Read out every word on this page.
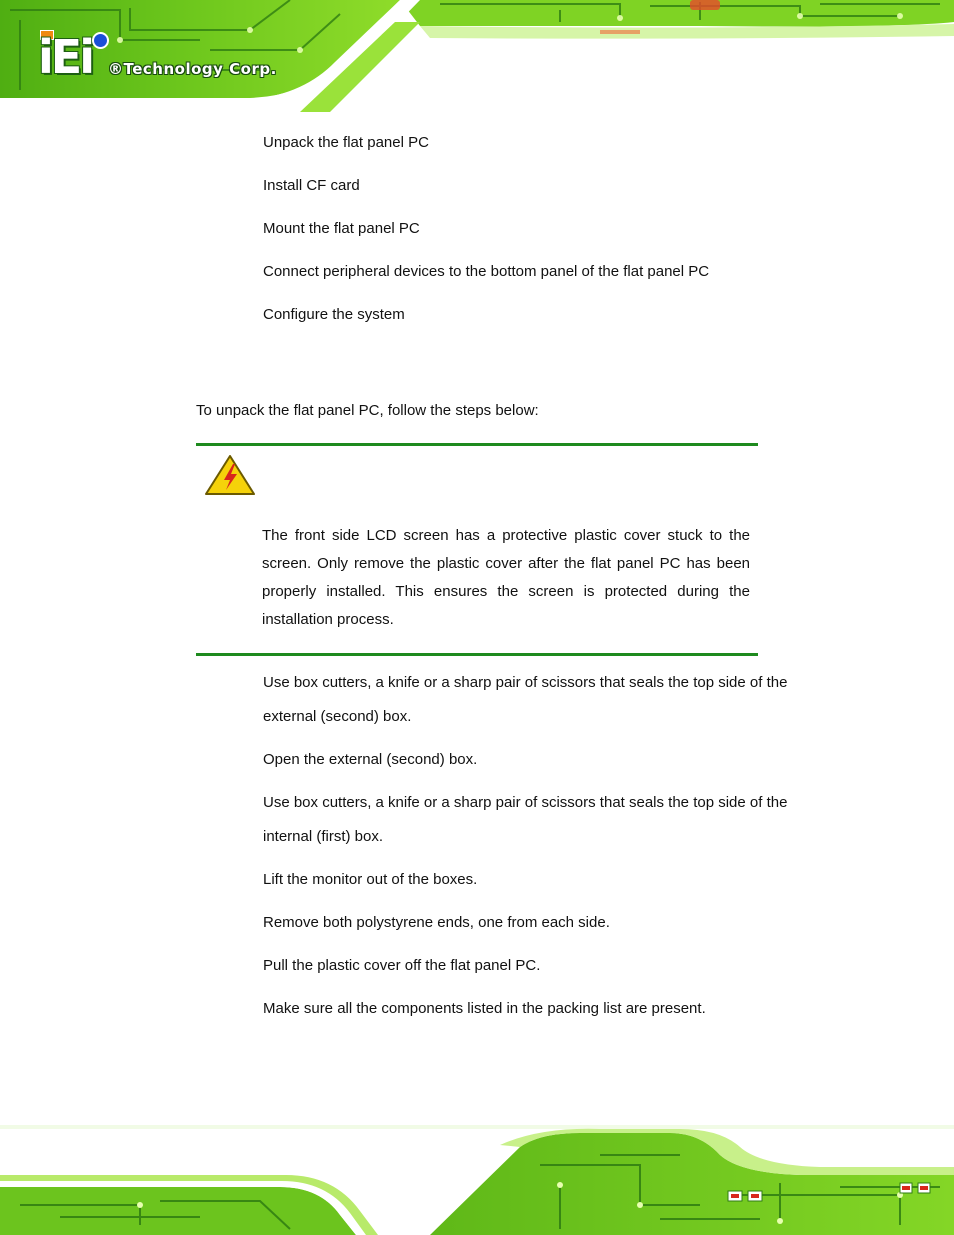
iEi ®Technology Corp.
Unpack the flat panel PC
Install CF card
Mount the flat panel PC
Connect peripheral devices to the bottom panel of the flat panel PC
Configure the system
To unpack the flat panel PC, follow the steps below:
The front side LCD screen has a protective plastic cover stuck to the screen. Only remove the plastic cover after the flat panel PC has been properly installed. This ensures the screen is protected during the installation process.
Use box cutters, a knife or a sharp pair of scissors that seals the top side of the
external (second) box.
Open the external (second) box.
Use box cutters, a knife or a sharp pair of scissors that seals the top side of the
internal (first) box.
Lift the monitor out of the boxes.
Remove both polystyrene ends, one from each side.
Pull the plastic cover off the flat panel PC.
Make sure all the components listed in the packing list are present.
